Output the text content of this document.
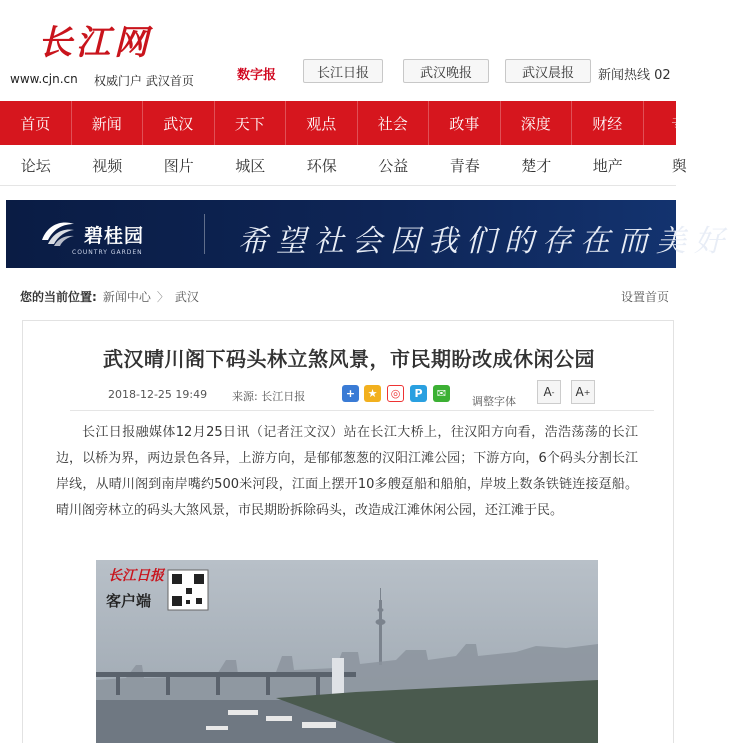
长江网
www.cjn.cn 权威门户 武汉首页	数字报	长江日报	武汉晚报	武汉晨报	新闻热线 02
首页	新闻	武汉	天下	观点	社会	政事	深度	财经	专
论坛	视频	图片	城区	环保	公益	青春	楚才	地产	舆
碧桂园
COUNTRY GARDEN	希望社会因我们的存在而美好
您的当前位置: 新闻中心 〉 武汉	设置首页
武汉晴川阁下码头林立煞风景，市民期盼改成休闲公园
2018-12-25 19:49 来源: 长江日报	+	★	◎	P	✉
调整字体
A - A +
长江日报融媒体12月25日讯（记者汪文汉）站在长江大桥上，往汉阳方向看，浩浩荡荡的长江边，以桥为界，两边景色各异，上游方向，是郁郁葱葱的汉阳江滩公园；下游方向，6个码头分割长江岸线，从晴川阁到南岸嘴约500米河段，江面上摆开10多艘趸船和船舶，岸坡上数条铁链连接趸船。晴川阁旁林立的码头大煞风景，市民期盼拆除码头，改造成江滩休闲公园，还江滩于民。
长江日报
客户端
